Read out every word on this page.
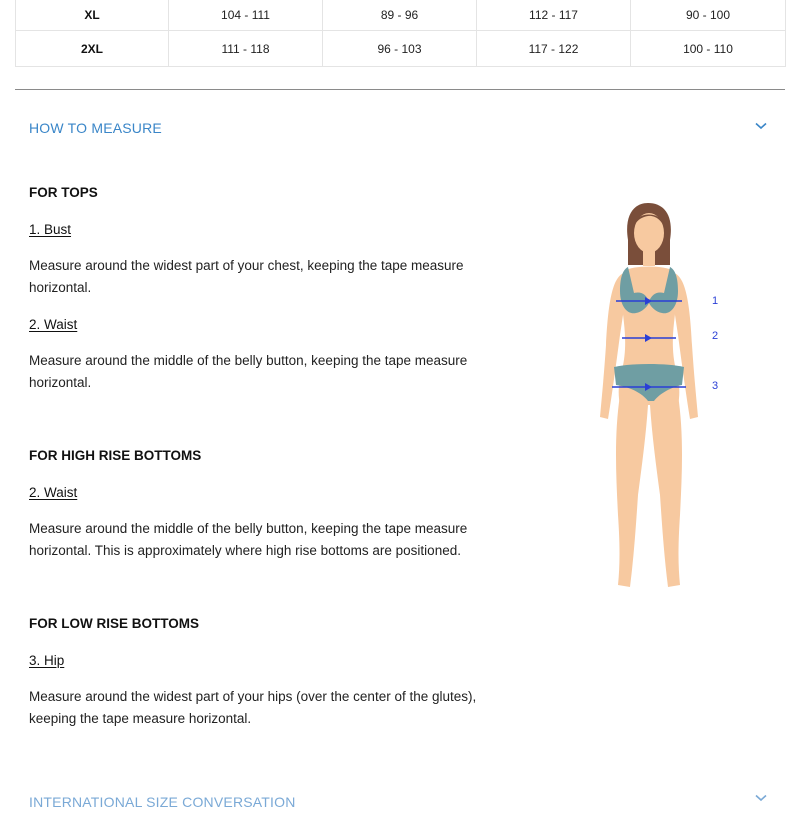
XL	104 - 111	89 - 96	112 - 117	90 - 100
2XL	111 - 118	96 - 103	117 - 122	100 - 110
HOW TO MEASURE
FOR TOPS
1. Bust

Measure around the widest part of your chest, keeping the tape measure horizontal.

2. Waist

Measure around the middle of the belly button, keeping the tape measure horizontal.

FOR HIGH RISE BOTTOMS
2. Waist

Measure around the middle of the belly button, keeping the tape measure horizontal. This is approximately where high rise bottoms are positioned.

FOR LOW RISE BOTTOMS
3. Hip

Measure around the widest part of your hips (over the center of the glutes), keeping the tape measure horizontal.

1
2
3
INTERNATIONAL SIZE CONVERSATION
